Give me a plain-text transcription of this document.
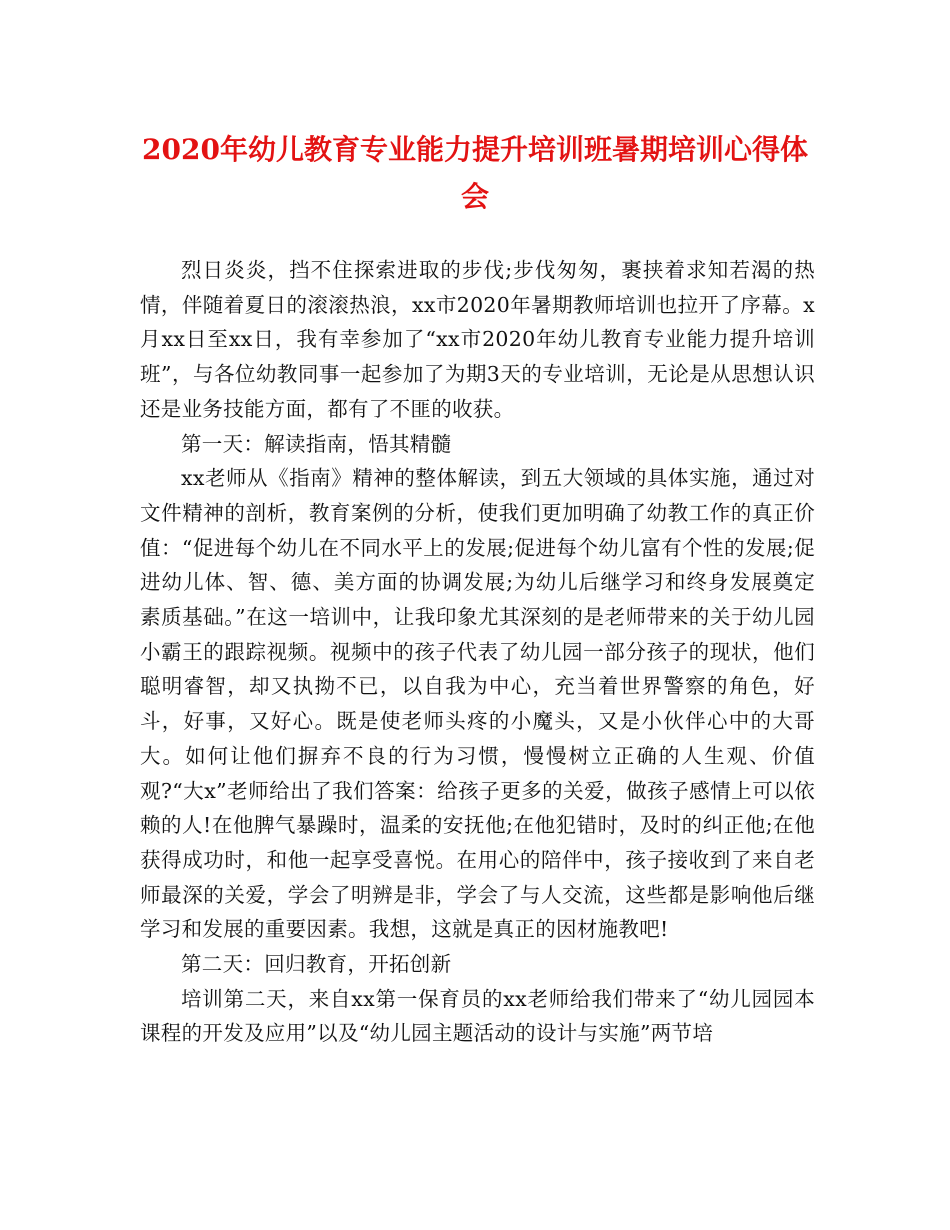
2020年幼儿教育专业能力提升培训班暑期培训心得体会

烈日炎炎，挡不住探索进取的步伐;步伐匆匆，裹挟着求知若渴的热情，伴随着夏日的滚滚热浪，xx市2020年暑期教师培训也拉开了序幕。x月xx日至xx日，我有幸参加了“xx市2020年幼儿教育专业能力提升培训班”，与各位幼教同事一起参加了为期3天的专业培训，无论是从思想认识还是业务技能方面，都有了不匪的收获。

第一天：解读指南，悟其精髓

xx老师从《指南》精神的整体解读，到五大领域的具体实施，通过对文件精神的剖析，教育案例的分析，使我们更加明确了幼教工作的真正价值：“促进每个幼儿在不同水平上的发展;促进每个幼儿富有个性的发展;促进幼儿体、智、德、美方面的协调发展;为幼儿后继学习和终身发展奠定 素质基础。”在这一培训中，让我印象尤其深刻的是老师带来的关于幼儿园小霸王的跟踪视频。视频中的孩子代表了幼儿园一部分孩子的现状，他们聪明睿智，却又执拗不已，以自我为中心，充当着世界警察的角色，好斗，好事，又好心。既是使老师头疼的小魔头，又是小伙伴心中的大哥大。如何让他们摒弃不良的行为习惯，慢慢树立正确的人生观、价值观?“大x”老师给出了我们答案：给孩子更多的关爱，做孩子感情上可以依赖的人!在他脾气暴躁时，温柔的安抚他;在他犯错时，及时的纠正他;在他获得成功时，和他一起享受喜悦。在用心的陪伴中，孩子接收到了来自老师最深的关爱，学会了明辨是非，学会了与人交流，这些都是影响他后继学习和发展的重要因素。我想，这就是真正的因材施教吧!

第二天：回归教育，开拓创新

培训第二天，来自xx第一保育员的xx老师给我们带来了“幼儿园园本课程的开发及应用”以及“幼儿园主题活动的设计与实施”两节培
